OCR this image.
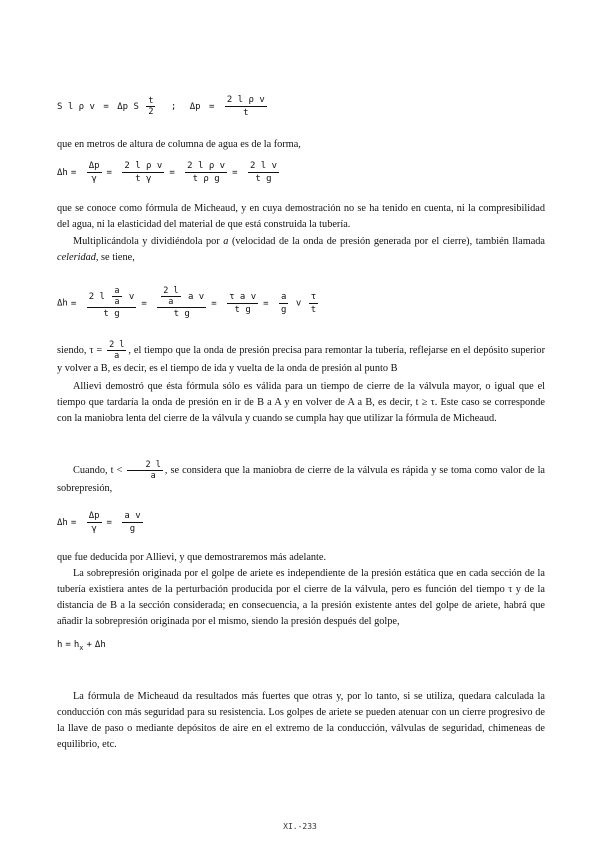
S l ρ v = Δp S $\frac{t}{2}$ ; $\Delta p = \frac{\text{2 l ρ v}}{t}$
que en metros de altura de columna de agua es de la forma,
$\Delta h = \frac{\Delta p}{\gamma} = \frac{\text{2 l ρ v}}{\text{t γ}} = \frac{\text{2 l ρ v}}{\text{t ρ g}} = \frac{\text{2 l v}}{\text{t g}}$
que se conoce como fórmula de Micheaud, y en cuya demostración no se ha tenido en cuenta, ni la compresibilidad del agua, ni la elasticidad del material de que está construida la tubería.
Multiplicándola y dividiéndola por a (velocidad de la onda de presión generada por el cierre), también llamada celeridad, se tiene,
$\Delta h = \frac{2 l \frac{a}{a} v}{\text{t g}} = \frac{\frac{2 l}{a} a v}{\text{t g}} = \frac{\text{τ a v}}{\text{t g}} = \frac{a}{g}$ v $\frac{\tau}{t}$
siendo, $\tau = \frac{2 l}{a}$ , el tiempo que la onda de presión precisa para remontar la tubería, reflejarse en el depósito superior y volver a B, es decir, es el tiempo de ida y vuelta de la onda de presión al punto B
Allievi demostró que ésta fórmula sólo es válida para un tiempo de cierre de la válvula mayor, o igual que el tiempo que tardaría la onda de presión en ir de B a A y en volver de A a B, es decir, t ≥ τ. Este caso se corresponde con la maniobra lenta del cierre de la válvula y cuando se cumpla hay que utilizar la fórmula de Micheaud.
Cuando, $t < \frac{2 l}{a}$ , se considera que la maniobra de cierre de la válvula es rápida y se toma como valor de la sobrepresión,
$\Delta h = \frac{\Delta p}{\gamma} = \frac{\text{a v}}{g}$
que fue deducida por Allievi, y que demostraremos más adelante.
La sobrepresión originada por el golpe de ariete es independiente de la presión estática que en cada sección de la tubería existiera antes de la perturbación producida por el cierre de la válvula, pero es función del tiempo τ y de la distancia de B a la sección considerada; en consecuencia, a la presión existente antes del golpe de ariete, habrá que añadir la sobrepresión originada por el mismo, siendo la presión después del golpe,
$h = h_x + \Delta h$
La fórmula de Micheaud da resultados más fuertes que otras y, por lo tanto, si se utiliza, quedara calculada la conducción con más seguridad para su resistencia. Los golpes de ariete se pueden atenuar con un cierre progresivo de la llave de paso o mediante depósitos de aire en el extremo de la conducción, válvulas de seguridad, chimeneas de equilibrio, etc.
XI.-233
